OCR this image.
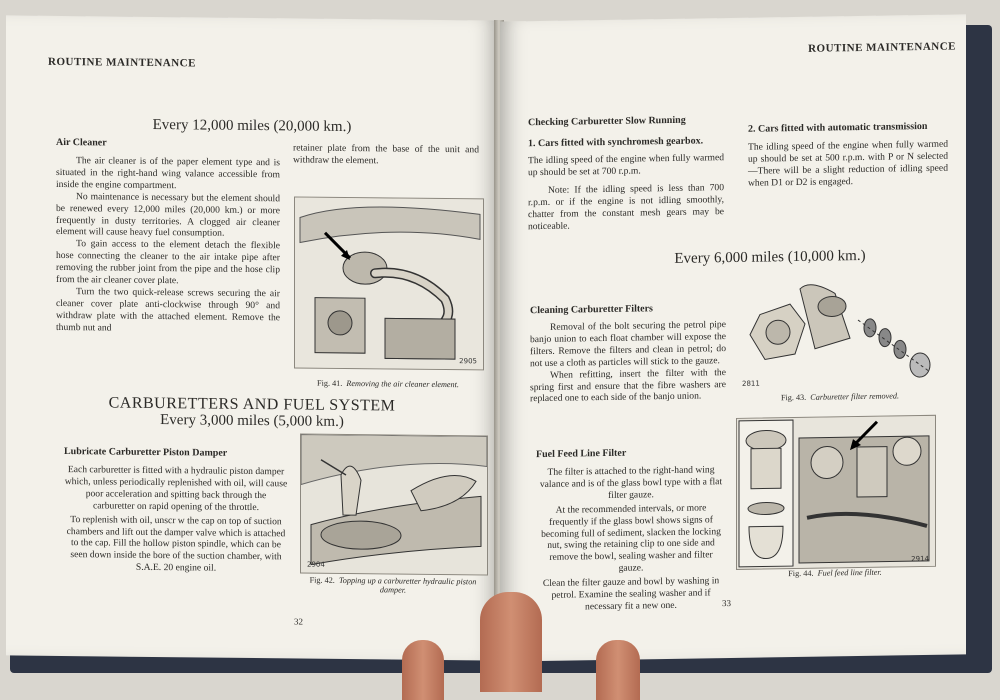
ROUTINE MAINTENANCE
Every 12,000 miles (20,000 km.)
Air Cleaner

The air cleaner is of the paper element type and is situated in the right-hand wing valance accessible from inside the engine compartment.

No maintenance is necessary but the element should be renewed every 12,000 miles (20,000 km.) or more frequently in dusty territories. A clogged air cleaner element will cause heavy fuel consumption.

To gain access to the element detach the flexible hose connecting the cleaner to the air intake pipe after removing the rubber joint from the pipe and the hose clip from the air cleaner cover plate.

Turn the two quick-release screws securing the air cleaner cover plate anti-clockwise through 90° and withdraw plate with the attached element. Remove the thumb nut and

retainer plate from the base of the unit and withdraw the element.

2905
Fig. 41. Removing the air cleaner element.
CARBURETTERS AND FUEL SYSTEM
Every 3,000 miles (5,000 km.)
Lubricate Carburetter Piston Damper

Each carburetter is fitted with a hydraulic piston damper which, unless periodically replenished with oil, will cause poor acceleration and spitting back through the carburetter on rapid opening of the throttle.

To replenish with oil, unscr w the cap on top of suction chambers and lift out the damper valve which is attached to the cap. Fill the hollow piston spindle, which can be seen down inside the bore of the suction chamber, with S.A.E. 20 engine oil.	2904
Fig. 42. Topping up a carburetter hydraulic piston damper.
32
ROUTINE MAINTENANCE
Checking Carburetter Slow Running
1. Cars fitted with synchromesh gearbox.

The idling speed of the engine when fully warmed up should be set at 700 r.p.m.

Note: If the idling speed is less than 700 r.p.m. or if the engine is not idling smoothly, chatter from the constant mesh gears may be noticeable.

2. Cars fitted with automatic transmission

The idling speed of the engine when fully warmed up should be set at 500 r.p.m. with P or N selected—There will be a slight reduction of idling speed when D1 or D2 is engaged.

Every 6,000 miles (10,000 km.)
Cleaning Carburetter Filters

Removal of the bolt securing the petrol pipe banjo union to each float chamber will expose the filters. Remove the filters and clean in petrol; do not use a cloth as particles will stick to the gauze.

When refitting, insert the filter with the spring first and ensure that the fibre washers are replaced one to each side of the banjo union.

2811
Fig. 43. Carburetter filter removed.
Fuel Feed Line Filter

The filter is attached to the right-hand wing valance and is of the glass bowl type with a flat filter gauze.

At the recommended intervals, or more frequently if the glass bowl shows signs of becoming full of sediment, slacken the locking nut, swing the retaining clip to one side and remove the bowl, sealing washer and filter gauze.

Clean the filter gauze and bowl by washing in petrol. Examine the sealing washer and if necessary fit a new one.

2914
Fig. 44. Fuel feed line filter.
33
